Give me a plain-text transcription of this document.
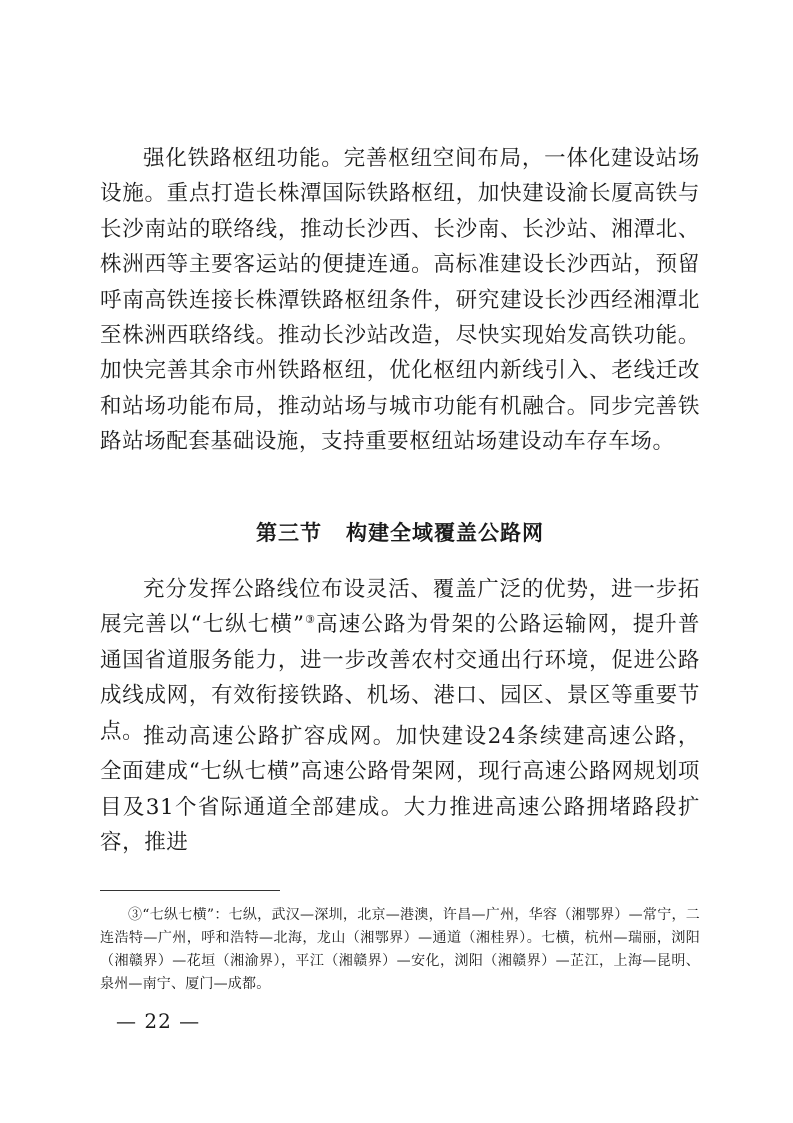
强化铁路枢纽功能。完善枢纽空间布局，一体化建设站场设施。重点打造长株潭国际铁路枢纽，加快建设渝长厦高铁与长沙南站的联络线，推动长沙西、长沙南、长沙站、湘潭北、株洲西等主要客运站的便捷连通。高标准建设长沙西站，预留呼南高铁连接长株潭铁路枢纽条件，研究建设长沙西经湘潭北至株洲西联络线。推动长沙站改造，尽快实现始发高铁功能。加快完善其余市州铁路枢纽，优化枢纽内新线引入、老线迁改和站场功能布局，推动站场与城市功能有机融合。同步完善铁路站场配套基础设施，支持重要枢纽站场建设动车存车场。

第三节 构建全域覆盖公路网

充分发挥公路线位布设灵活、覆盖广泛的优势，进一步拓展完善以“七纵七横”③高速公路为骨架的公路运输网，提升普通国省道服务能力，进一步改善农村交通出行环境，促进公路成线成网，有效衔接铁路、机场、港口、园区、景区等重要节点。

推动高速公路扩容成网。加快建设24条续建高速公路，全面建成“七纵七横”高速公路骨架网，现行高速公路网规划项目及31个省际通道全部建成。大力推进高速公路拥堵路段扩容，推进

③“七纵七横”：七纵，武汉—深圳，北京—港澳，许昌—广州，华容（湘鄂界）—常宁，二连浩特—广州，呼和浩特—北海，龙山（湘鄂界）—通道（湘桂界）。七横，杭州—瑞丽，浏阳（湘赣界）—花垣（湘渝界），平江（湘赣界）—安化，浏阳（湘赣界）—芷江，上海—昆明、泉州—南宁、厦门—成都。

— 22 —
